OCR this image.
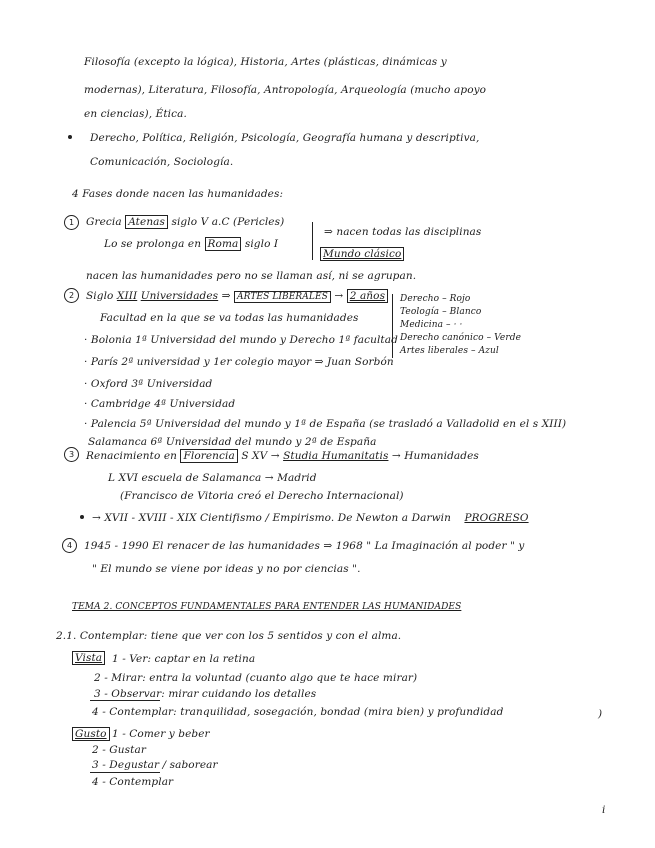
Filosofía (excepto la lógica), Historia, Artes (plásticas, dinámicas y
modernas), Literatura, Filosofía, Antropología, Arqueología (mucho apoyo
en ciencias), Ética.
Derecho, Política, Religión, Psicología, Geografía humana y descriptiva,
Comunicación, Sociología.
4 Fases donde nacen las humanidades:
1	Grecia Atenas siglo V a.C (Pericles)
⇒ nacen todas las disciplinas
Lo se prolonga en Roma siglo I
Mundo clásico
nacen las humanidades pero no se llaman así, ni se agrupan.
2	Siglo XIII Universidades ⇒ ARTES LIBERALES → 2 años
Facultad en la que se va todas las humanidades
· Bolonia 1ª Universidad del mundo y Derecho 1ª facultad
· París 2ª universidad y 1er colegio mayor ⇒ Juan Sorbón
· Oxford 3ª Universidad
· Cambridge 4ª Universidad
· Palencia 5ª Universidad del mundo y 1ª de España (se trasladó a Valladolid en el s XIII)
Salamanca 6ª Universidad del mundo y 2ª de España
Derecho – Rojo
Teología – Blanco
Medicina – · ·
Derecho canónico – Verde
Artes liberales – Azul
3	Renacimiento en Florencia S XV → Studia Humanitatis → Humanidades
L XVI escuela de Salamanca → Madrid
(Francisco de Vitoria creó el Derecho Internacional)
→ XVII - XVIII - XIX Cientifismo / Empirismo. De Newton a Darwin PROGRESO
4	1945 - 1990 El renacer de las humanidades ⇒ 1968 " La Imaginación al poder " y
" El mundo se viene por ideas y no por ciencias ".
TEMA 2. CONCEPTOS FUNDAMENTALES PARA ENTENDER LAS HUMANIDADES
2.1. Contemplar: tiene que ver con los 5 sentidos y con el alma.
Vista 1 - Ver: captar en la retina
2 - Mirar: entra la voluntad (cuanto algo que te hace mirar)
3 - Observar: mirar cuidando los detalles
4 - Contemplar: tranquilidad, sosegación, bondad (mira bien) y profundidad	)
Gusto 1 - Comer y beber
2 - Gustar
3 - Degustar / saborear
4 - Contemplar
i
